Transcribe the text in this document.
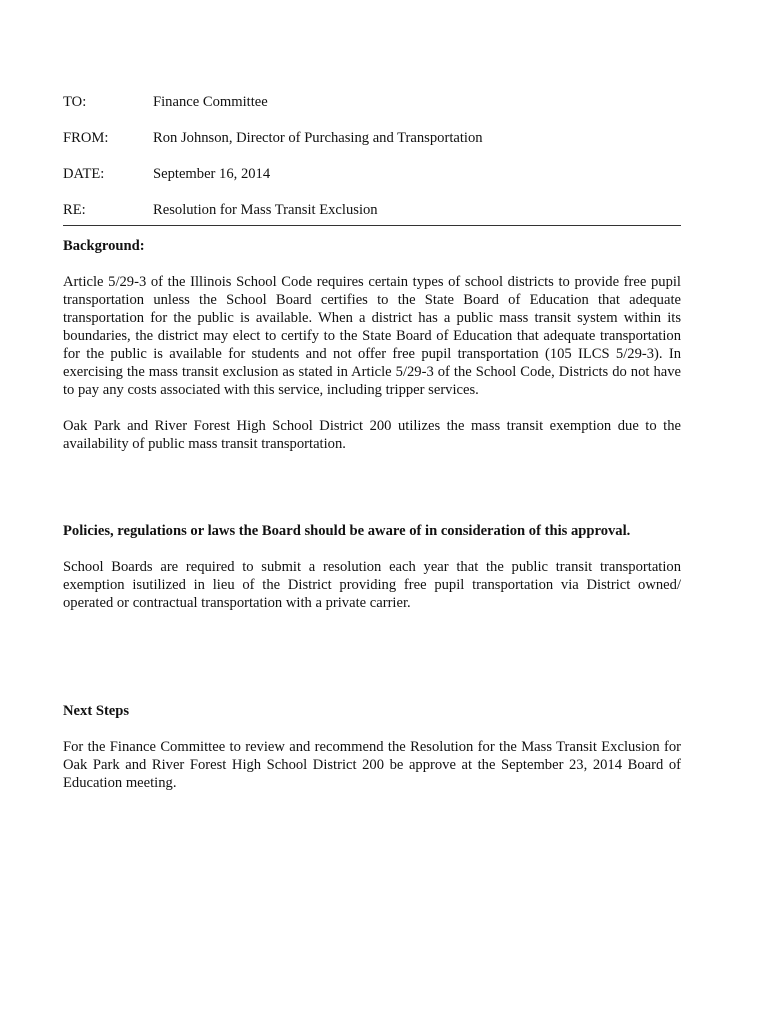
TO:	Finance Committee
FROM:	Ron Johnson, Director of Purchasing and Transportation
DATE:	September 16, 2014
RE:	Resolution for Mass Transit Exclusion

Background:

Article 5/29-3 of the Illinois School Code requires certain types of school districts to provide free pupil transportation unless the School Board certifies to the State Board of Education that adequate transportation for the public is available. When a district has a public mass transit system within its boundaries, the district may elect to certify to the State Board of Education that adequate transportation for the public is available for students and not offer free pupil transportation (105 ILCS 5/29-3). In exercising the mass transit exclusion as stated in Article 5/29-3 of the School Code, Districts do not have to pay any costs associated with this service, including tripper services.

Oak Park and River Forest High School District 200 utilizes the mass transit exemption due to the availability of public mass transit transportation.

Policies, regulations or laws the Board should be aware of in consideration of this approval.

School Boards are required to submit a resolution each year that the public transit transportation exemption isutilized in lieu of the District providing free pupil transportation via District owned/ operated or contractual transportation with a private carrier.

Next Steps

For the Finance Committee to review and recommend the Resolution for the Mass Transit Exclusion for Oak Park and River Forest High School District 200 be approve at the September 23, 2014 Board of Education meeting.
